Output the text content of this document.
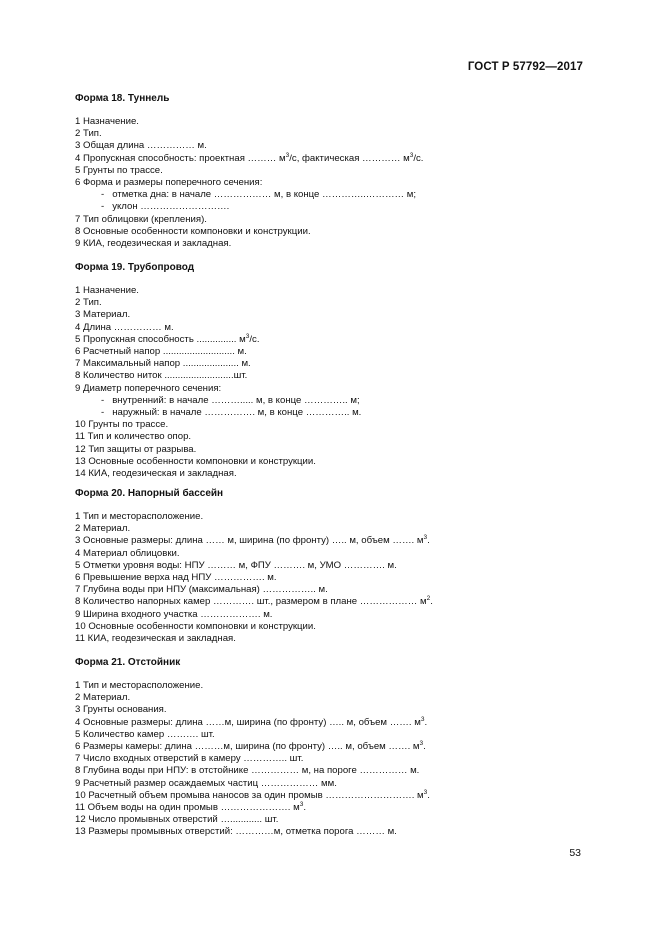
ГОСТ Р 57792—2017
Форма 18. Туннель
1 Назначение.
2 Тип.
3 Общая длина …………… м.
4 Пропускная способность: проектная ……… $м^3/с$, фактическая ………… $м^3/с$.
5 Грунты по трассе.
6 Форма и размеры поперечного сечения:
-   отметка дна: в начале ……………… м, в конце …………..………… м;
-   уклон ……………………….
7 Тип облицовки (крепления).
8 Основные особенности компоновки и конструкции.
9 КИА, геодезическая и закладная.
Форма 19. Трубопровод
1 Назначение.
2 Тип.
3 Материал.
4 Длина …………… м.
5 Пропускная способность ............... $м^3/с$.
6 Расчетный напор ........................... м.
7 Максимальный напор ..................... м.
8 Количество ниток ..........................шт.
9 Диаметр поперечного сечения:
-   внутренний: в начале ………..... м, в конце ………….. м;
-   наружный: в начале ……………. м, в конце ………….. м.
10 Грунты по трассе.
11 Тип и количество опор.
12 Тип защиты от разрыва.
13 Основные особенности компоновки и конструкции.
14 КИА, геодезическая и закладная.
Форма 20. Напорный бассейн
1 Тип и месторасположение.
2 Материал.
3 Основные размеры: длина …… м, ширина (по фронту) ….. м, объем ……. $м^3$.
4 Материал облицовки.
5 Отметки уровня воды: НПУ ……… м, ФПУ ………. м, УМО …………. м.
6 Превышение верха над НПУ ……………. м.
7 Глубина воды при НПУ (максимальная) …………….. м.
8 Количество напорных камер …………. шт., размером в плане ……………… $м^2$.
9 Ширина входного участка ………………. м.
10 Основные особенности компоновки и конструкции.
11 КИА, геодезическая и закладная.
Форма 21. Отстойник
1 Тип и месторасположение.
2 Материал.
3 Грунты основания.
4 Основные размеры: длина ……м, ширина (по фронту) ….. м, объем ……. $м^3$.
5 Количество камер ………. шт.
6 Размеры камеры: длина ………м, ширина (по фронту) ….. м, объем ……. $м^3$.
7 Число входных отверстий в камеру ………….. шт.
8 Глубина воды при НПУ: в отстойнике …………… м, на пороге …………… м.
9 Расчетный размер осаждаемых частиц ……………… мм.
10 Расчетный объем промыва наносов за один промыв ………………………. $м^3$.
11 Объем воды на один промыв …………………. $м^3$.
12 Число промывных отверстий …............ шт.
13 Размеры промывных отверстий: …………м, отметка порога ……… м.
53
